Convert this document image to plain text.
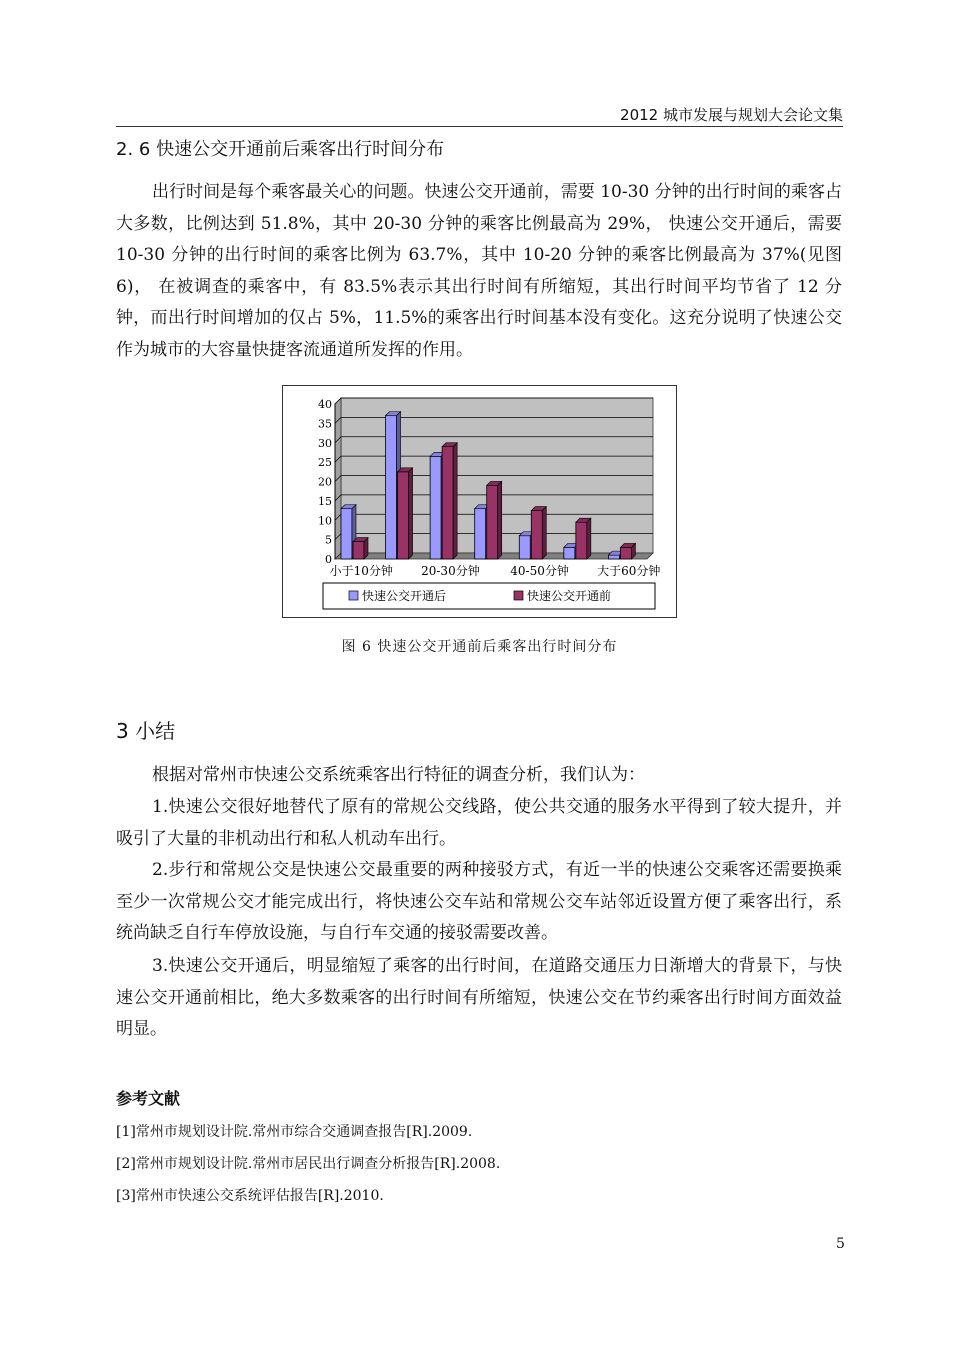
2012 城市发展与规划大会论文集
2. 6 快速公交开通前后乘客出行时间分布

出行时间是每个乘客最关心的问题。快速公交开通前，需要 10-30 分钟的出行时间的乘客占大多数，比例达到 51.8%，其中 20-30 分钟的乘客比例最高为 29%， 快速公交开通后，需要 10-30 分钟的出行时间的乘客比例为 63.7%，其中 10-20 分钟的乘客比例最高为 37%(见图 6)， 在被调查的乘客中，有 83.5%表示其出行时间有所缩短，其出行时间平均节省了 12 分钟，而出行时间增加的仅占 5%，11.5%的乘客出行时间基本没有变化。这充分说明了快速公交作为城市的大容量快捷客流通道所发挥的作用。

0
5
10
15
20
25
30
35
40
小于10分钟 20-30分钟	40-50分钟 大于60分钟
快速公交开通后	快速公交开通前
图 6 快速公交开通前后乘客出行时间分布
3 小结

根据对常州市快速公交系统乘客出行特征的调查分析，我们认为：

1.快速公交很好地替代了原有的常规公交线路，使公共交通的服务水平得到了较大提升，并吸引了大量的非机动出行和私人机动车出行。

2.步行和常规公交是快速公交最重要的两种接驳方式，有近一半的快速公交乘客还需要换乘至少一次常规公交才能完成出行，将快速公交车站和常规公交车站邻近设置方便了乘客出行，系统尚缺乏自行车停放设施，与自行车交通的接驳需要改善。

3.快速公交开通后，明显缩短了乘客的出行时间，在道路交通压力日渐增大的背景下，与快速公交开通前相比，绝大多数乘客的出行时间有所缩短，快速公交在节约乘客出行时间方面效益明显。

参考文献
[1]常州市规划设计院.常州市综合交通调查报告[R].2009.
[2]常州市规划设计院.常州市居民出行调查分析报告[R].2008.
[3]常州市快速公交系统评估报告[R].2010.
5
